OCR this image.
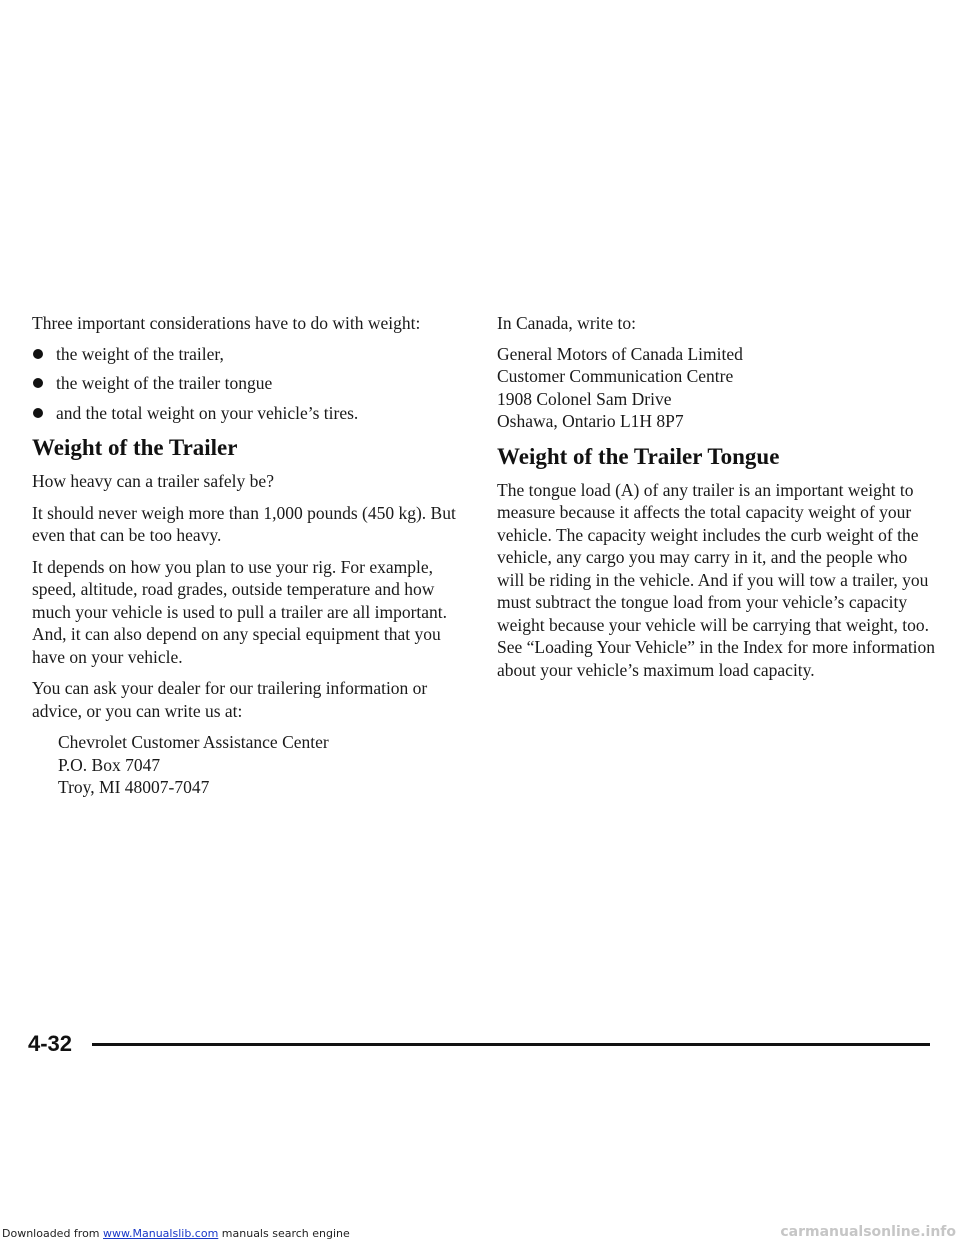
Three important considerations have to do with weight:

the weight of the trailer,
the weight of the trailer tongue
and the total weight on your vehicle’s tires.
Weight of the Trailer

How heavy can a trailer safely be?

It should never weigh more than 1,000 pounds (450 kg). But even that can be too heavy.

It depends on how you plan to use your rig. For example, speed, altitude, road grades, outside temperature and how much your vehicle is used to pull a trailer are all important. And, it can also depend on any special equipment that you have on your vehicle.

You can ask your dealer for our trailering information or advice, or you can write us at:

Chevrolet Customer Assistance Center
P.O. Box 7047
Troy, MI 48007-7047

In Canada, write to:

General Motors of Canada Limited
Customer Communication Centre
1908 Colonel Sam Drive
Oshawa, Ontario L1H 8P7
Weight of the Trailer Tongue

The tongue load (A) of any trailer is an important weight to measure because it affects the total capacity weight of your vehicle. The capacity weight includes the curb weight of the vehicle, any cargo you may carry in it, and the people who will be riding in the vehicle. And if you will tow a trailer, you must subtract the tongue load from your vehicle’s capacity weight because your vehicle will be carrying that weight, too. See “Loading Your Vehicle” in the Index for more information about your vehicle’s maximum load capacity.

4-32
Downloaded from www.Manualslib.com manuals search engine	carmanualsonline.info
